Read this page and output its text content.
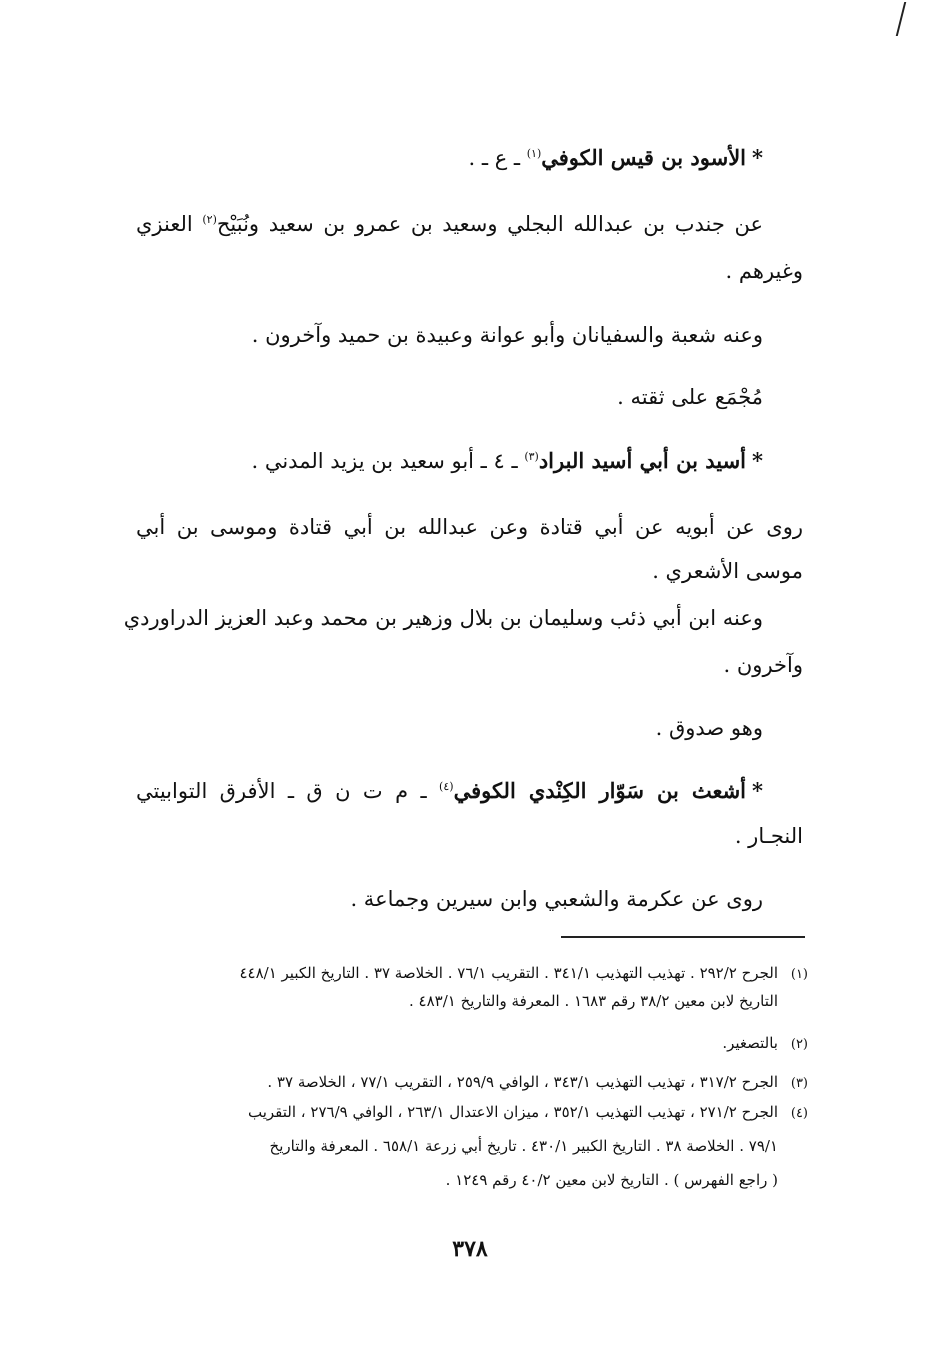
*الأسود بن قيس الكوفي$^{(١)}$ ـ ع ـ .
عن جندب بن عبدالله البجلي وسعيد بن عمرو بن سعيد ونُبَيْح$^{(٢)}$ العنزي
وغيرهم .
وعنه شعبة والسفيانان وأبو عوانة وعبيدة بن حميد وآخرون .
مُجْمَع على ثقته .
*أسيد بن أبي أسيد البراد$^{(٣)}$ ـ ٤ ـ أبو سعيد بن يزيد المدني .
روى عن أبويه عن أبي قتادة وعن عبدالله بن أبي قتادة وموسى بن أبي
موسى الأشعري .
وعنه ابن أبي ذئب وسليمان بن بلال وزهير بن محمد وعبد العزيز الدراوردي
وآخرون .
وهو صدوق .
*أشعث بن سَوّار الكِنْدي الكوفي$^{(٤)}$ ـ م ت ن ق ـ الأفرق التوابيتي
النجـار .
روى عن عكرمة والشعبي وابن سيرين وجماعة .
(١)الجرح ٢٩٢/٢ . تهذيب التهذيب ٣٤١/١ . التقريب ٧٦/١ . الخلاصة ٣٧ . التاريخ الكبير ٤٤٨/١
التاريخ لابن معين ٣٨/٢ رقم ١٦٨٣ . المعرفة والتاريخ ٤٨٣/١ .
(٢)بالتصغير.
(٣)الجرح ٣١٧/٢ ، تهذيب التهذيب ٣٤٣/١ ، الوافي ٢٥٩/٩ ، التقريب ٧٧/١ ، الخلاصة ٣٧ .
(٤)الجرح ٢٧١/٢ ، تهذيب التهذيب ٣٥٢/١ ، ميزان الاعتدال ٢٦٣/١ ، الوافي ٢٧٦/٩ ، التقريب
٧٩/١ . الخلاصة ٣٨ . التاريخ الكبير ٤٣٠/١ . تاريخ أبي زرعة ٦٥٨/١ . المعرفة والتاريخ
( راجع الفهرس ) . التاريخ لابن معين ٤٠/٢ رقم ١٢٤٩ .
٣٧٨
